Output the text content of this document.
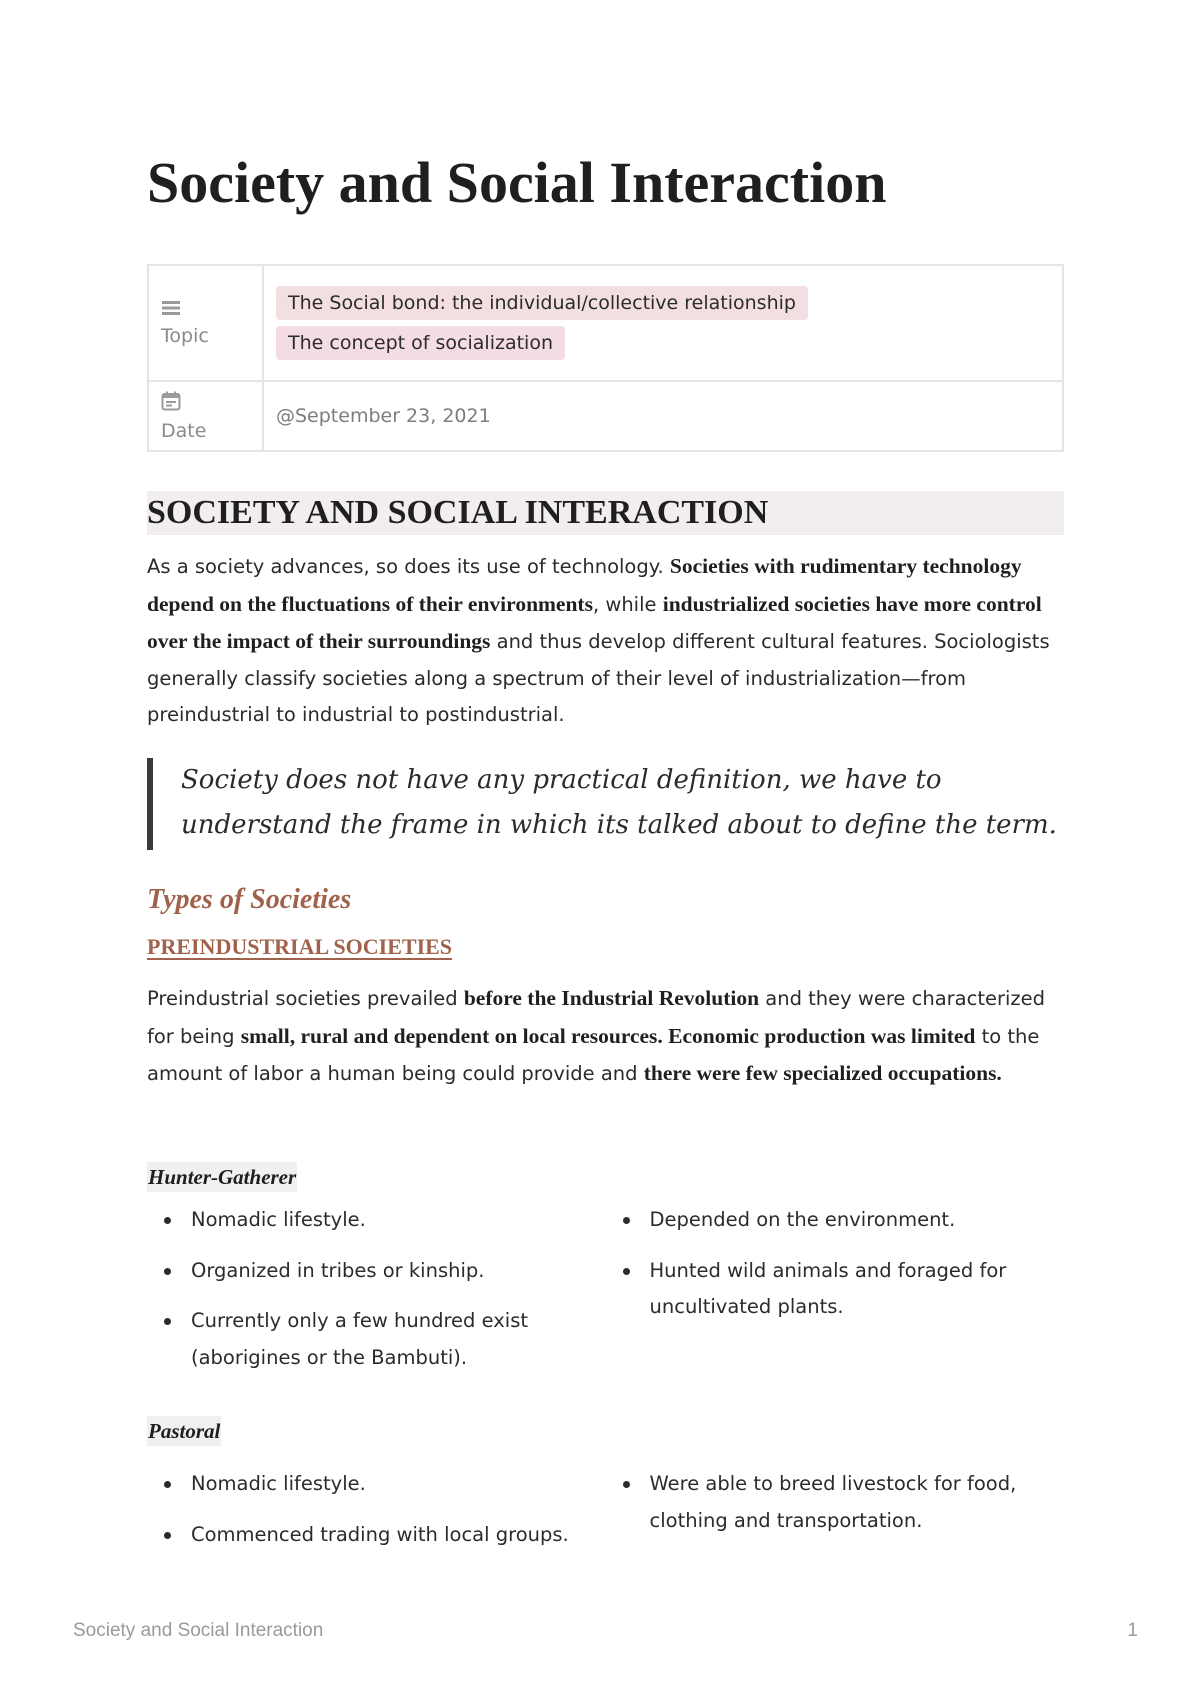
Society and Social Interaction
Topic	The Social bond: the individual/collective relationship
The concept of socialization

Date	@September 23, 2021
SOCIETY AND SOCIAL INTERACTION

As a society advances, so does its use of technology. Societies with rudimentary technology depend on the fluctuations of their environments, while industrialized societies have more control over the impact of their surroundings and thus develop different cultural features. Sociologists generally classify societies along a spectrum of their level of industrialization—from preindustrial to industrial to postindustrial.

Society does not have any practical definition, we have to understand the frame in which its talked about to define the term.
Types of Societies
PREINDUSTRIAL SOCIETIES

Preindustrial societies prevailed before the Industrial Revolution and they were characterized for being small, rural and dependent on local resources. Economic production was limited to the amount of labor a human being could provide and there were few specialized occupations.

Hunter-Gatherer
Nomadic lifestyle.
Organized in tribes or kinship.
Currently only a few hundred exist (aborigines or the Bambuti).
Depended on the environment.
Hunted wild animals and foraged for uncultivated plants.
Pastoral
Nomadic lifestyle.
Commenced trading with local groups.
Were able to breed livestock for food, clothing and transportation.
Society and Social Interaction	1
